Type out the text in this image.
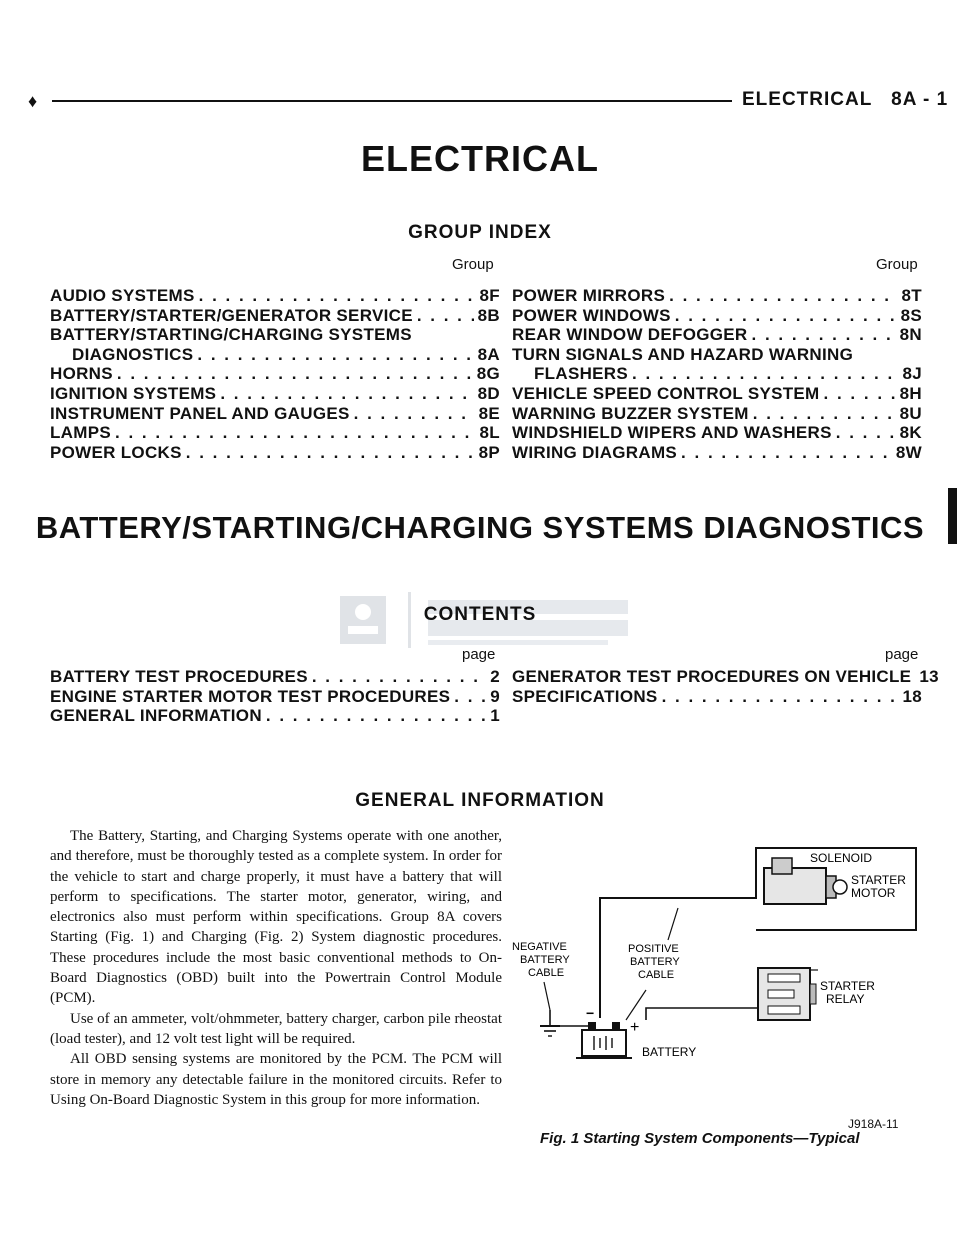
♦	ELECTRICAL 8A - 1
ELECTRICAL
GROUP INDEX
Group	Group
AUDIO SYSTEMS . . .	8F
BATTERY/STARTER/GENERATOR SERVICE . . .	8B
BATTERY/STARTING/CHARGING SYSTEMS
DIAGNOSTICS . . .	8A
HORNS . . .	8G
IGNITION SYSTEMS . . .	8D
INSTRUMENT PANEL AND GAUGES . . .	8E
LAMPS . . .	8L
POWER LOCKS . . .	8P
POWER MIRRORS . . .	8T
POWER WINDOWS . . .	8S
REAR WINDOW DEFOGGER . . .	8N
TURN SIGNALS AND HAZARD WARNING
FLASHERS . . .	8J
VEHICLE SPEED CONTROL SYSTEM . . .	8H
WARNING BUZZER SYSTEM . . .	8U
WINDSHIELD WIPERS AND WASHERS . . .	8K
WIRING DIAGRAMS . . .	8W
BATTERY/STARTING/CHARGING SYSTEMS DIAGNOSTICS
CONTENTS
page	page
BATTERY TEST PROCEDURES . . .	2
ENGINE STARTER MOTOR TEST PROCEDURES . . . 9
GENERAL INFORMATION . . .	1
GENERATOR TEST PROCEDURES ON VEHICLE 13
SPECIFICATIONS . . .	18
GENERAL INFORMATION

The Battery, Starting, and Charging Systems operate with one another, and therefore, must be thoroughly tested as a complete system. In order for the vehicle to start and charge properly, it must have a battery that will perform to specifications. The starter motor, generator, wiring, and electronics also must perform within specifications. Group 8A covers Starting (Fig. 1) and Charging (Fig. 2) System diagnostic procedures. These procedures include the most basic conventional methods to On-Board Diagnostics (OBD) built into the Powertrain Control Module (PCM).

Use of an ammeter, volt/ohmmeter, battery charger, carbon pile rheostat (load tester), and 12 volt test light will be required.

All OBD sensing systems are monitored by the PCM. The PCM will store in memory any detectable failure in the monitored circuits. Refer to Using On-Board Diagnostic System in this group for more information.

SOLENOID
STARTER
MOTOR
NEGATIVE
BATTERY
CABLE
POSITIVE
BATTERY
CABLE
STARTER
RELAY
−
+
BATTERY
J918A-11
Fig. 1 Starting System Components—Typical
